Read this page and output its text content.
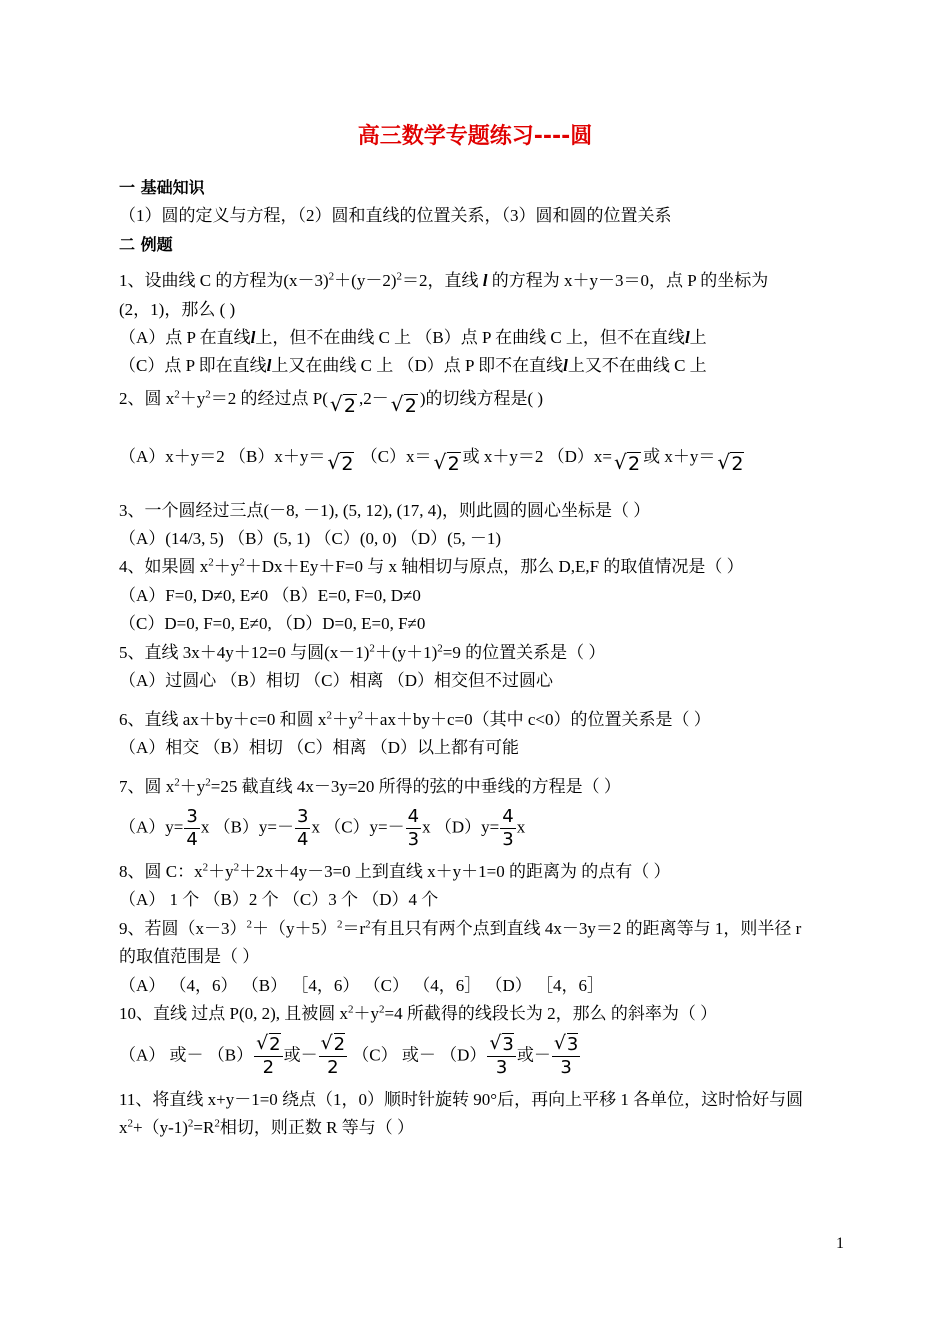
高三数学专题练习----圆
一 基础知识
（1）圆的定义与方程，（2）圆和直线的位置关系，（3）圆和圆的位置关系
二 例题
1、设曲线 C 的方程为$(x-3)^2+(y-2)^2=2$，直线 l 的方程为 x＋y－3＝0，点 P 的坐标为
(2，1)，那么 ( )
（A）点 P 在直线l上，但不在曲线 C 上 （B）点 P 在曲线 C 上，但不在直线l上
（C）点 P 即在直线l上又在曲线 C 上 （D）点 P 即不在直线l上又不在曲线 C 上
2、圆 $x^2+y^2=2$ 的经过点 P( √ 2 ,2－ √ 2 )的切线方程是( )
（A）x＋y＝2 （B）x＋y＝ √ 2 （C）x＝ √ 2 或 x＋y＝2 （D）x= √ 2 或 x＋y＝ √ 2
3、一个圆经过三点(－8, －1), (5, 12), (17, 4)，则此圆的圆心坐标是（ ）
（A）(14/3, 5) （B）(5, 1) （C）(0, 0) （D）(5, －1)
4、如果圆 $x^2+y^2+Dx+Ey+F=0$ 与 x 轴相切与原点，那么 D,E,F 的取值情况是（ ）
（A）F=0, D≠0, E≠0 （B）E=0, F=0, D≠0
（C）D=0, F=0, E≠0, （D）D=0, E=0, F≠0
5、直线 3x＋4y＋12=0 与圆$(x-1)^2+(y+1)^2=9$ 的位置关系是（ ）
（A）过圆心 （B）相切 （C）相离 （D）相交但不过圆心
6、直线 ax＋by＋c=0 和圆 $x^2+y^2+ax+by+c=0$（其中 c<0）的位置关系是（ ）
（A）相交 （B）相切 （C）相离 （D）以上都有可能
7、圆 $x^2+y^2=25$ 截直线 4x－3y=20 所得的弦的中垂线的方程是（ ）
$(A)y= \frac{3}{4}$ x $(B)y=- \frac{3}{4}$ x $(C)y=- \frac{4}{3}$ x $(D)y= \frac{4}{3}$ x
8、圆 C：$x^2+y^2+2x+4y-3=0$ 上到直线 x＋y＋1=0 的距离为 的点有（ ）
（A） 1 个 （B）2 个 （C）3 个 （D）4 个
9、若圆$(x-3)^2+(y+5)^2=r^2$有且只有两个点到直线 4x－3y＝2 的距离等与 1，则半径 r
的取值范围是（ ）
（A） （4，6） （B） ［4，6） （C） （4，6］ （D） ［4，6］
10、直线 过点 P(0, 2), 且被圆 $x^2+y^2=4$ 所截得的线段长为 2，那么 的斜率为（ ）
（A） 或－ （B） √ $\frac{2}{2}$ 或－ √ $\frac{2}{2} (C)$ 或－ （D） √ $\frac{3}{3}$ 或－ √ $\frac{3}{3}$
11、将直线 x+y－1=0 绕点（1，0）顺时针旋转 90°后，再向上平移 1 各单位，这时恰好与圆
$x^2+(y-1)^2=R^2$相切，则正数 R 等与（ ）
1
